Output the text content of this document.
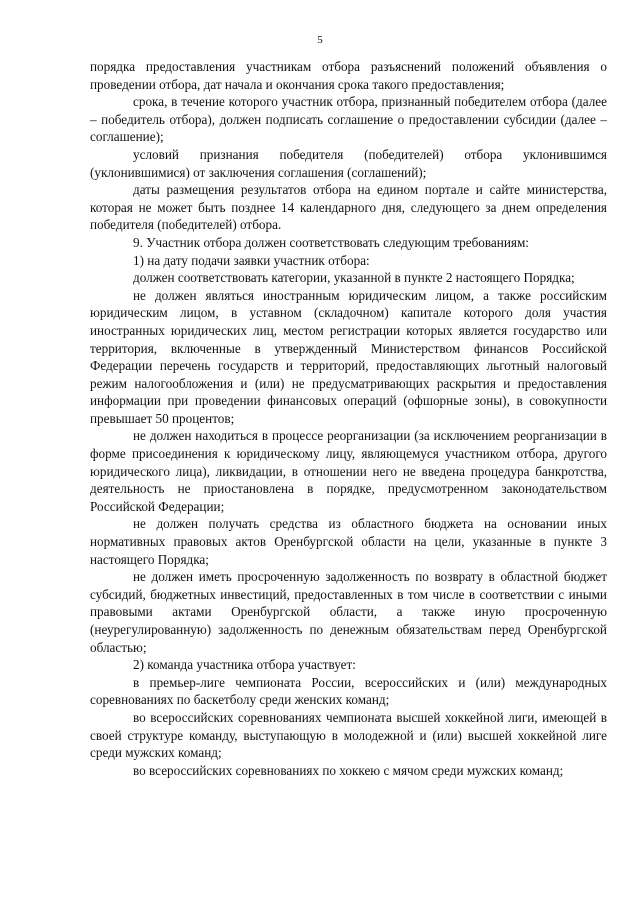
5

порядка предоставления участникам отбора разъяснений положений объявления о проведении отбора, дат начала и окончания срока такого предоставления;

срока, в течение которого участник отбора, признанный победителем отбора (далее – победитель отбора), должен подписать соглашение о предоставлении субсидии (далее – соглашение);

условий признания победителя (победителей) отбора уклонившимся (уклонившимися) от заключения соглашения (соглашений);

даты размещения результатов отбора на едином портале и сайте министерства, которая не может быть позднее 14 календарного дня, следующего за днем определения победителя (победителей) отбора.

9. Участник отбора должен соответствовать следующим требованиям:

1) на дату подачи заявки участник отбора:

должен соответствовать категории, указанной в пункте 2 настоящего Порядка;

не должен являться иностранным юридическим лицом, а также российским юридическим лицом, в уставном (складочном) капитале которого доля участия иностранных юридических лиц, местом регистрации которых является государство или территория, включенные в утвержденный Министерством финансов Российской Федерации перечень государств и территорий, предоставляющих льготный налоговый режим налогообложения и (или) не предусматривающих раскрытия и предоставления информации при проведении финансовых операций (офшорные зоны), в совокупности превышает 50 процентов;

не должен находиться в процессе реорганизации (за исключением реорганизации в форме присоединения к юридическому лицу, являющемуся участником отбора, другого юридического лица), ликвидации, в отношении него не введена процедура банкротства, деятельность не приостановлена в порядке, предусмотренном законодательством Российской Федерации;

не должен получать средства из областного бюджета на основании иных нормативных правовых актов Оренбургской области на цели, указанные в пункте 3 настоящего Порядка;

не должен иметь просроченную задолженность по возврату в областной бюджет субсидий, бюджетных инвестиций, предоставленных в том числе в соответствии с иными правовыми актами Оренбургской области, а также иную просроченную (неурегулированную) задолженность по денежным обязательствам перед Оренбургской областью;

2) команда участника отбора участвует:

в премьер-лиге чемпионата России, всероссийских и (или) международных соревнованиях по баскетболу среди женских команд;

во всероссийских соревнованиях чемпионата высшей хоккейной лиги, имеющей в своей структуре команду, выступающую в молодежной и (или) высшей хоккейной лиге среди мужских команд;

во всероссийских соревнованиях по хоккею с мячом среди мужских команд;
